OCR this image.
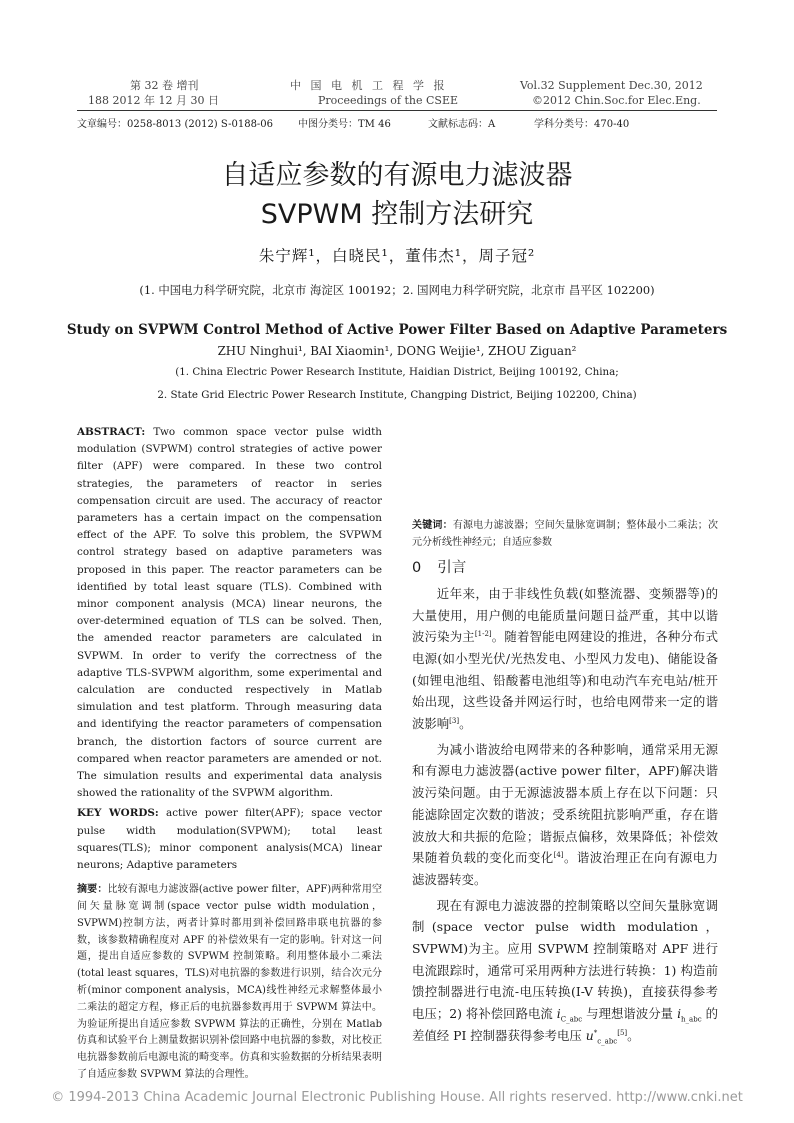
第 32 卷 增刊
188 2012 年 12 月 30 日
中 国 电 机 工 程 学 报
Proceedings of the CSEE
Vol.32 Supplement Dec.30, 2012
©2012 Chin.Soc.for Elec.Eng.
文章编号：0258-8013 (2012) S-0188-06 中图分类号：TM 46	文献标志码：A	学科分类号：470-40
自适应参数的有源电力滤波器
SVPWM 控制方法研究
朱宁辉¹，白晓民¹，董伟杰¹，周子冠²
(1. 中国电力科学研究院，北京市 海淀区 100192；2. 国网电力科学研究院，北京市 昌平区 102200)
Study on SVPWM Control Method of Active Power Filter Based on Adaptive Parameters
ZHU Ninghui¹, BAI Xiaomin¹, DONG Weijie¹, ZHOU Ziguan²
(1. China Electric Power Research Institute, Haidian District, Beijing 100192, China;
2. State Grid Electric Power Research Institute, Changping District, Beijing 102200, China)

ABSTRACT: Two common space vector pulse width modulation (SVPWM) control strategies of active power filter (APF) were compared. In these two control strategies, the parameters of reactor in series compensation circuit are used. The accuracy of reactor parameters has a certain impact on the compensation effect of the APF. To solve this problem, the SVPWM control strategy based on adaptive parameters was proposed in this paper. The reactor parameters can be identified by total least square (TLS). Combined with minor component analysis (MCA) linear neurons, the over-determined equation of TLS can be solved. Then, the amended reactor parameters are calculated in SVPWM. In order to verify the correctness of the adaptive TLS-SVPWM algorithm, some experimental and calculation are conducted respectively in Matlab simulation and test platform. Through measuring data and identifying the reactor parameters of compensation branch, the distortion factors of source current are compared when reactor parameters are amended or not. The simulation results and experimental data analysis showed the rationality of the SVPWM algorithm.

KEY WORDS: active power filter(APF); space vector pulse width modulation(SVPWM); total least squares(TLS); minor component analysis(MCA) linear neurons; Adaptive parameters

摘要：比较有源电力滤波器(active power filter，APF)两种常用空间矢量脉宽调制(space vector pulse width modulation，SVPWM)控制方法，两者计算时都用到补偿回路串联电抗器的参数，该参数精确程度对 APF 的补偿效果有一定的影响。针对这一问题，提出自适应参数的 SVPWM 控制策略。利用整体最小二乘法(total least squares，TLS)对电抗器的参数进行识别，结合次元分析(minor component analysis，MCA)线性神经元求解整体最小二乘法的超定方程，修正后的电抗器参数再用于 SVPWM 算法中。为验证所提出自适应参数 SVPWM 算法的正确性，分别在 Matlab 仿真和试验平台上测量数据识别补偿回路中电抗器的参数，对比校正电抗器参数前后电源电流的畸变率。仿真和实验数据的分析结果表明了自适应参数 SVPWM 算法的合理性。

关键词：有源电力滤波器；空间矢量脉宽调制；整体最小二乘法；次元分析线性神经元；自适应参数

0 引言

近年来，由于非线性负载(如整流器、变频器等)的大量使用，用户侧的电能质量问题日益严重，其中以谐波污染为主[1-2]。随着智能电网建设的推进，各种分布式电源(如小型光伏/光热发电、小型风力发电)、储能设备(如锂电池组、铅酸蓄电池组等)和电动汽车充电站/桩开始出现，这些设备并网运行时，也给电网带来一定的谐波影响[3]。

为减小谐波给电网带来的各种影响，通常采用无源和有源电力滤波器(active power filter，APF)解决谐波污染问题。由于无源滤波器本质上存在以下问题：只能滤除固定次数的谐波；受系统阻抗影响严重，存在谐波放大和共振的危险；谐振点偏移，效果降低；补偿效果随着负载的变化而变化[4]。谐波治理正在向有源电力滤波器转变。

现在有源电力滤波器的控制策略以空间矢量脉宽调制(space vector pulse width modulation，SVPWM)为主。应用 SVPWM 控制策略对 APF 进行电流跟踪时，通常可采用两种方法进行转换：1) 构造前馈控制器进行电流-电压转换(I-V 转换)，直接获得参考电压；2) 将补偿回路电流 $i_{C\_abc}$ 与理想谐波分量 $i_{h\_abc}$ 的差值经 PI 控制器获得参考电压 $u^*_{c\_abc}[5]$。

© 1994-2013 China Academic Journal Electronic Publishing House. All rights reserved. http://www.cnki.net
